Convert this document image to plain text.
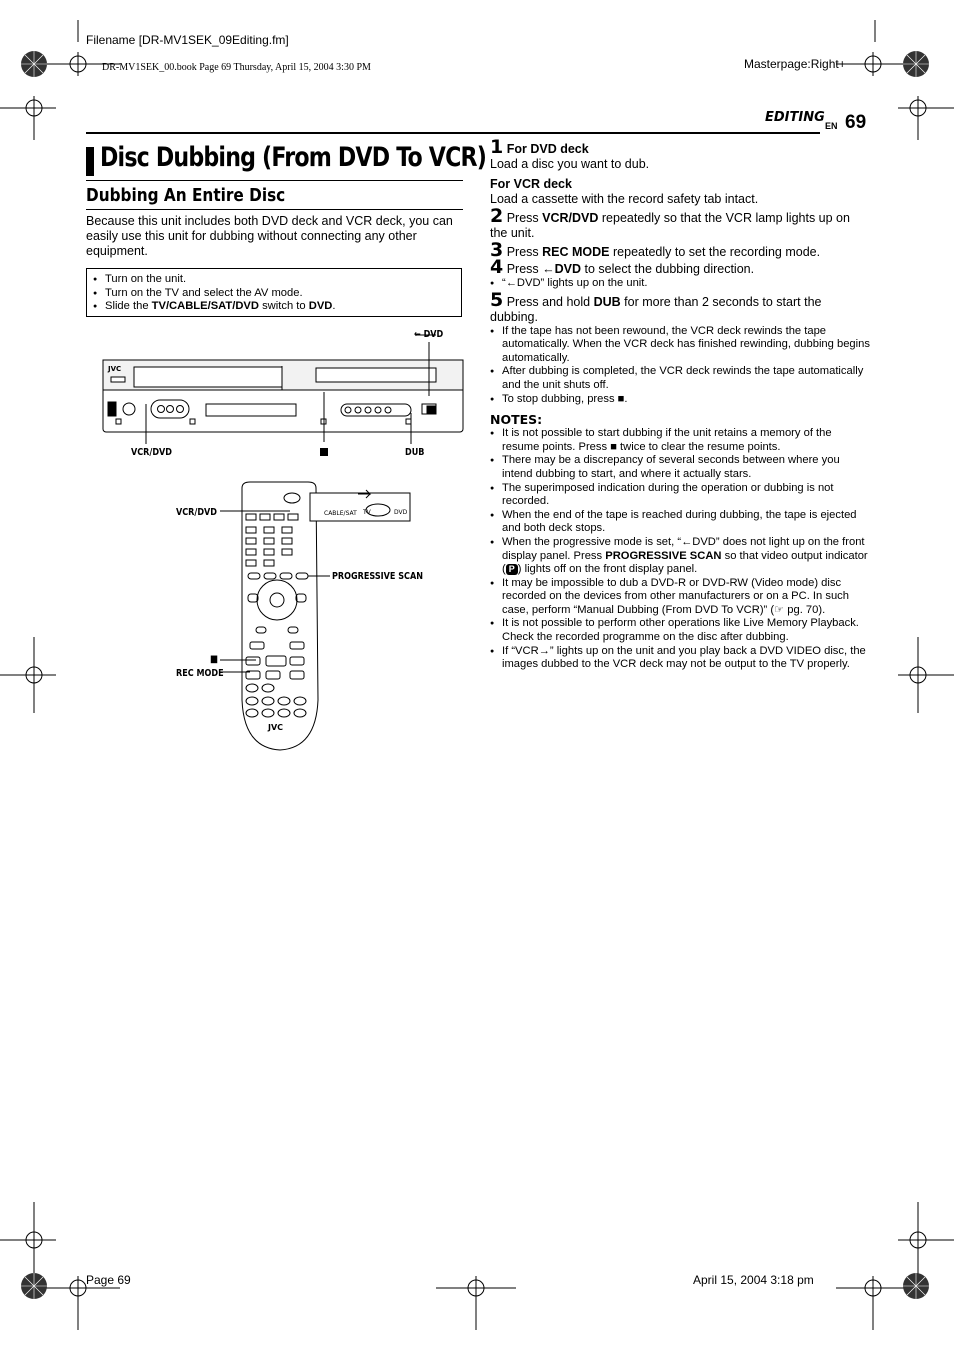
Filename [DR-MV1SEK_09Editing.fm]
DR-MV1SEK_00.book Page 69 Thursday, April 15, 2004 3:30 PM	Masterpage:Right+
EDITING
EN 69
Disc Dubbing (From DVD To VCR)
Dubbing An Entire Disc
Because this unit includes both DVD deck and VCR deck, you can easily use this unit for dubbing without connecting any other equipment.
● Turn on the unit.
● Turn on the TV and select the AV mode.
● Slide the TV/CABLE/SAT/DVD switch to DVD.
JVC
← DVD
VCR/DVD	DUB
CABLE/SAT TV	DVD
JVC
VCR/DVD
PROGRESSIVE SCAN
■
REC MODE
1 For DVD deck
Load a disc you want to dub.
For VCR deck
Load a cassette with the record safety tab intact.
2 Press VCR/DVD repeatedly so that the VCR lamp lights up on the unit.
3 Press REC MODE repeatedly to set the recording mode.
4 Press ←DVD to select the dubbing direction.
● “←DVD” lights up on the unit.
5 Press and hold DUB for more than 2 seconds to start the dubbing.
● If the tape has not been rewound, the VCR deck rewinds the tape automatically. When the VCR deck has finished rewinding, dubbing begins automatically.
● After dubbing is completed, the VCR deck rewinds the tape automatically and the unit shuts off.
● To stop dubbing, press ■.
NOTES:
● It is not possible to start dubbing if the unit retains a memory of the resume points. Press ■ twice to clear the resume points.
● There may be a discrepancy of several seconds between where you intend dubbing to start, and where it actually stars.
● The superimposed indication during the operation or dubbing is not recorded.
● When the end of the tape is reached during dubbing, the tape is ejected and both deck stops.
● When the progressive mode is set, “←DVD” does not light up on the front display panel. Press PROGRESSIVE SCAN so that video output indicator ( P ) lights off on the front display panel.
● It may be impossible to dub a DVD-R or DVD-RW (Video mode) disc recorded on the devices from other manufacturers or on a PC. In such case, perform “Manual Dubbing (From DVD To VCR)” (☞ pg. 70).
● It is not possible to perform other operations like Live Memory Playback. Check the recorded programme on the disc after dubbing.
● If “VCR→” lights up on the unit and you play back a DVD VIDEO disc, the images dubbed to the VCR deck may not be output to the TV properly.
Page 69	April 15, 2004 3:18 pm
